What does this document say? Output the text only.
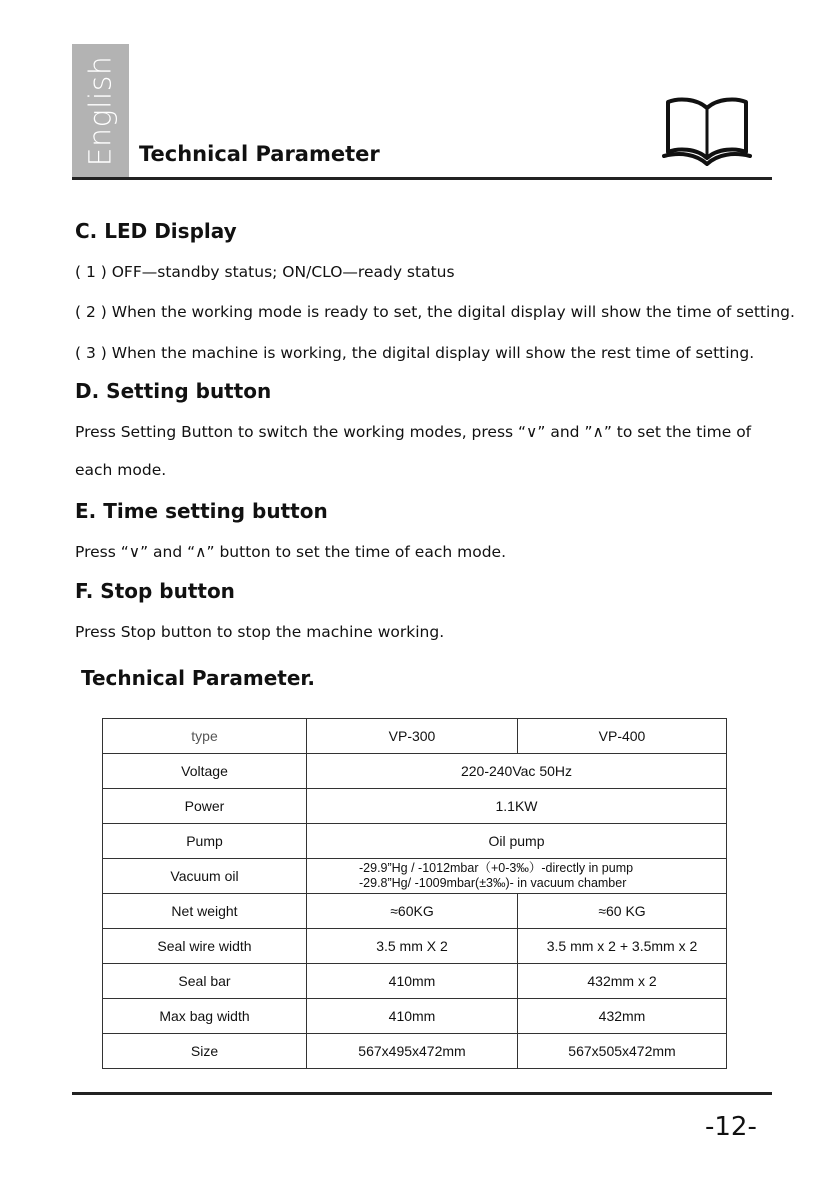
English Technical Parameter
C. LED Display
( 1 ) OFF—standby status; ON/CLO—ready status
( 2 ) When the working mode is ready to set, the digital display will show the time of setting.
( 3 ) When the machine is working, the digital display will show the rest time of setting.
D. Setting button
Press Setting Button to switch the working modes, press “∨” and ”∧” to set the time of
each mode.
E. Time setting button
Press “∨” and “∧” button to set the time of each mode.
F. Stop button
Press Stop button to stop the machine working.
Technical Parameter.
type	VP-300	VP-400
Voltage	220-240Vac 50Hz	
Power	1.1KW	
Pump	Oil pump	
Vacuum oil	-29.9”Hg / -1012mbar（+0-3‰）-directly in pump
-29.8”Hg/ -1009mbar(±3‰)- in vacuum chamber	

Net weight	≈60KG	≈60 KG
Seal wire width	3.5 mm X 2	3.5 mm x 2 + 3.5mm x 2
Seal bar	410mm	432mm x 2
Max bag width	410mm	432mm
Size	567x495x472mm	567x505x472mm
-12-
